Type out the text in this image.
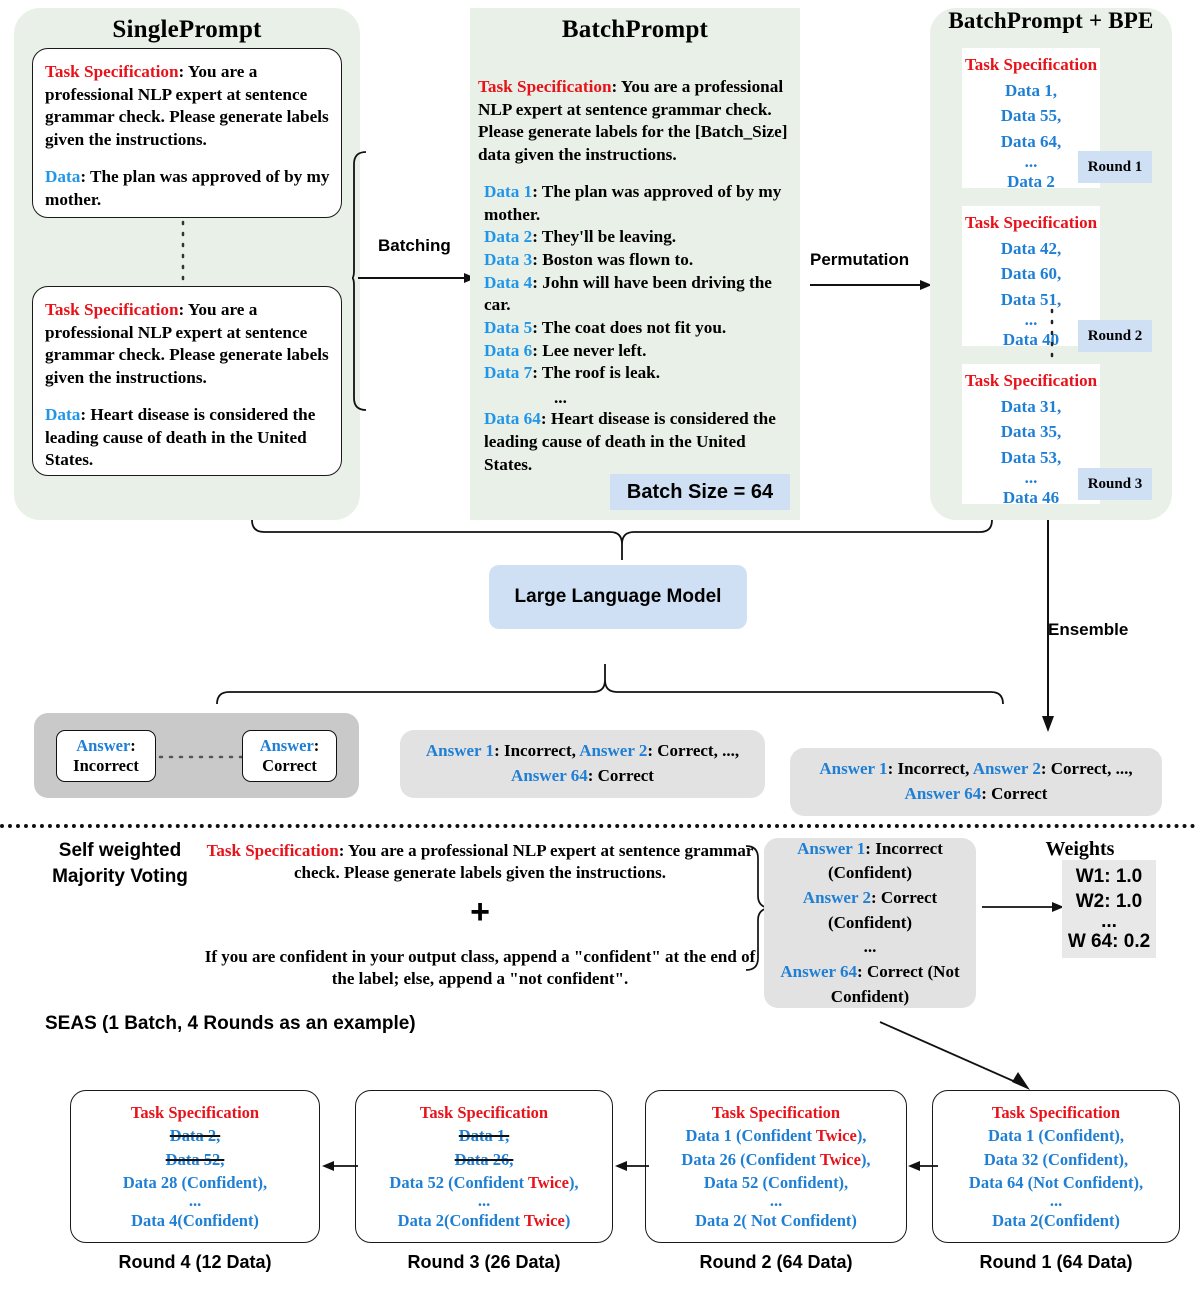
SinglePrompt
Task Specification: You are a professional NLP expert at sentence grammar check. Please generate labels given the instructions.
Data: The plan was approved of by my mother.
Task Specification: You are a professional NLP expert at sentence grammar check. Please generate labels given the instructions.
Data: Heart disease is considered the leading cause of death in the United States.
Batching
BatchPrompt
Task Specification: You are a professional NLP expert at sentence grammar check. Please generate labels for the [Batch_Size] data given the instructions.
Data 1: The plan was approved of by my mother.
Data 2: They'll be leaving.
Data 3: Boston was flown to.
Data 4: John will have been driving the car.
Data 5: The coat does not fit you.
Data 6: Lee never left.
Data 7: The roof is leak.
...
Data 64: Heart disease is considered the leading cause of death in the United States.
Batch Size = 64
Permutation
BatchPrompt + BPE
Task Specification
Data 1,
Data 55,
Data 64,
...
Data 2
Round 1
Task Specification
Data 42,
Data 60,
Data 51,
...
Data 40	Round 2
Task Specification
Data 31,
Data 35,
Data 53,
...
Data 46
Round 3
Large Language Model
Ensemble
Answer:
Incorrect
Answer:
Correct
Answer 1: Incorrect, Answer 2: Correct, ...,
Answer 64: Correct	Answer 1: Incorrect, Answer 2: Correct, ...,
Answer 64: Correct
Self weighted
Majority Voting
Task Specification: You are a professional NLP expert at sentence grammar check. Please generate labels given the instructions.
+
If you are confident in your output class, append a "confident" at the end of the label; else, append a "not confident".
Answer 1: Incorrect
(Confident)
Answer 2: Correct
(Confident)
...
Answer 64: Correct (Not
Confident)
Weights
W1: 1.0
W2: 1.0
...
W 64: 0.2
SEAS (1 Batch, 4 Rounds as an example)
Task Specification
Data 1 (Confident),
Data 32 (Confident),
Data 64 (Not Confident),
...
Data 2(Confident)
Round 1 (64 Data)
Task Specification
Data 1 (Confident Twice),
Data 26 (Confident Twice),
Data 52 (Confident),
...
Data 2( Not Confident)
Round 2 (64 Data)
Task Specification
Data 1,
Data 26,
Data 52 (Confident Twice),
...
Data 2(Confident Twice)
Round 3 (26 Data)
Task Specification
Data 2,
Data 52,
Data 28 (Confident),
...
Data 4(Confident)
Round 4 (12 Data)
